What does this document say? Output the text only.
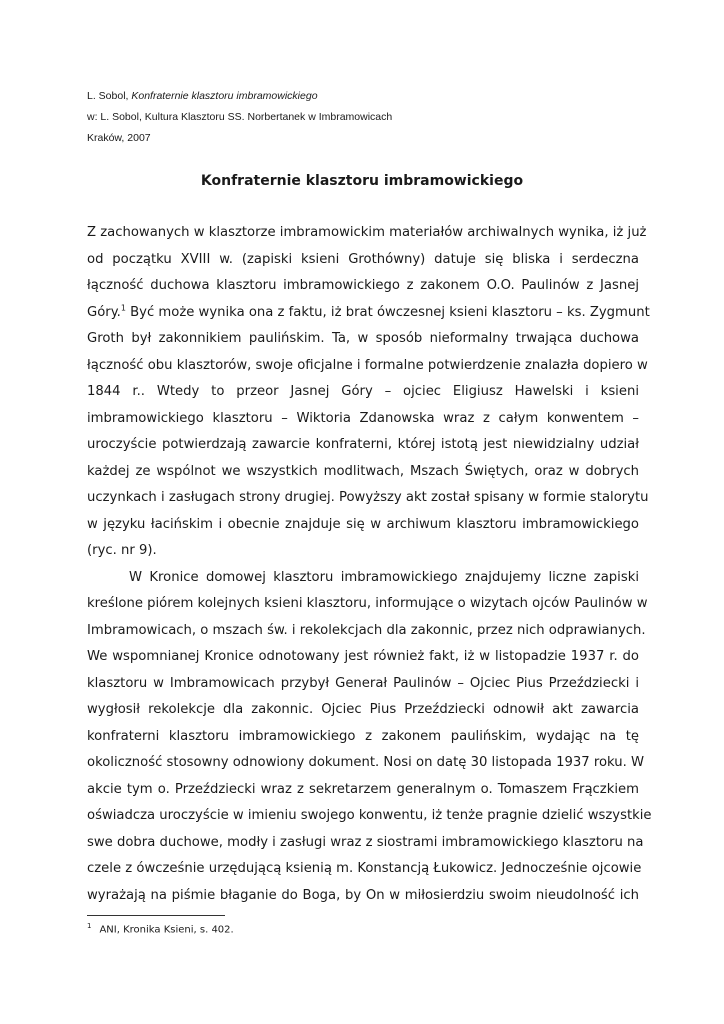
L. Sobol, Konfraternie klasztoru imbramowickiego
w: L. Sobol, Kultura Klasztoru SS. Norbertanek w Imbramowicach
Kraków, 2007
Konfraternie klasztoru imbramowickiego

Z zachowanych w klasztorze imbramowickim materiałów archiwalnych wynika, iż już
od początku XVIII w. (zapiski ksieni Grothówny) datuje się bliska i serdeczna
łączność duchowa klasztoru imbramowickiego z zakonem O.O. Paulinów z Jasnej
Góry.$^1$ Być może wynika ona z faktu, iż brat ówczesnej ksieni klasztoru – ks. Zygmunt
Groth był zakonnikiem paulińskim. Ta, w sposób nieformalny trwająca duchowa
łączność obu klasztorów, swoje oficjalne i formalne potwierdzenie znalazła dopiero w
1844 r.. Wtedy to przeor Jasnej Góry – ojciec Eligiusz Hawelski i ksieni
imbramowickiego klasztoru – Wiktoria Zdanowska wraz z całym konwentem –
uroczyście potwierdzają zawarcie konfraterni, której istotą jest niewidzialny udział
każdej ze wspólnot we wszystkich modlitwach, Mszach Świętych, oraz w dobrych
uczynkach i zasługach strony drugiej. Powyższy akt został spisany w formie stalorytu
w języku łacińskim i obecnie znajduje się w archiwum klasztoru imbramowickiego
(ryc. nr 9).

W Kronice domowej klasztoru imbramowickiego znajdujemy liczne zapiski
kreślone piórem kolejnych ksieni klasztoru, informujące o wizytach ojców Paulinów w
Imbramowicach, o mszach św. i rekolekcjach dla zakonnic, przez nich odprawianych.
We wspomnianej Kronice odnotowany jest również fakt, iż w listopadzie 1937 r. do
klasztoru w Imbramowicach przybył Generał Paulinów – Ojciec Pius Przeździecki i
wygłosił rekolekcje dla zakonnic. Ojciec Pius Przeździecki odnowił akt zawarcia
konfraterni klasztoru imbramowickiego z zakonem paulińskim, wydając na tę
okoliczność stosowny odnowiony dokument. Nosi on datę 30 listopada 1937 roku. W
akcie tym o. Przeździecki wraz z sekretarzem generalnym o. Tomaszem Frączkiem
oświadcza uroczyście w imieniu swojego konwentu, iż tenże pragnie dzielić wszystkie
swe dobra duchowe, modły i zasługi wraz z siostrami imbramowickiego klasztoru na
czele z ówcześnie urzędującą ksienią m. Konstancją Łukowicz. Jednocześnie ojcowie
wyrażają na piśmie błaganie do Boga, by On w miłosierdziu swoim nieudolność ich

$^1$ ANI, Kronika Ksieni, s. 402.
